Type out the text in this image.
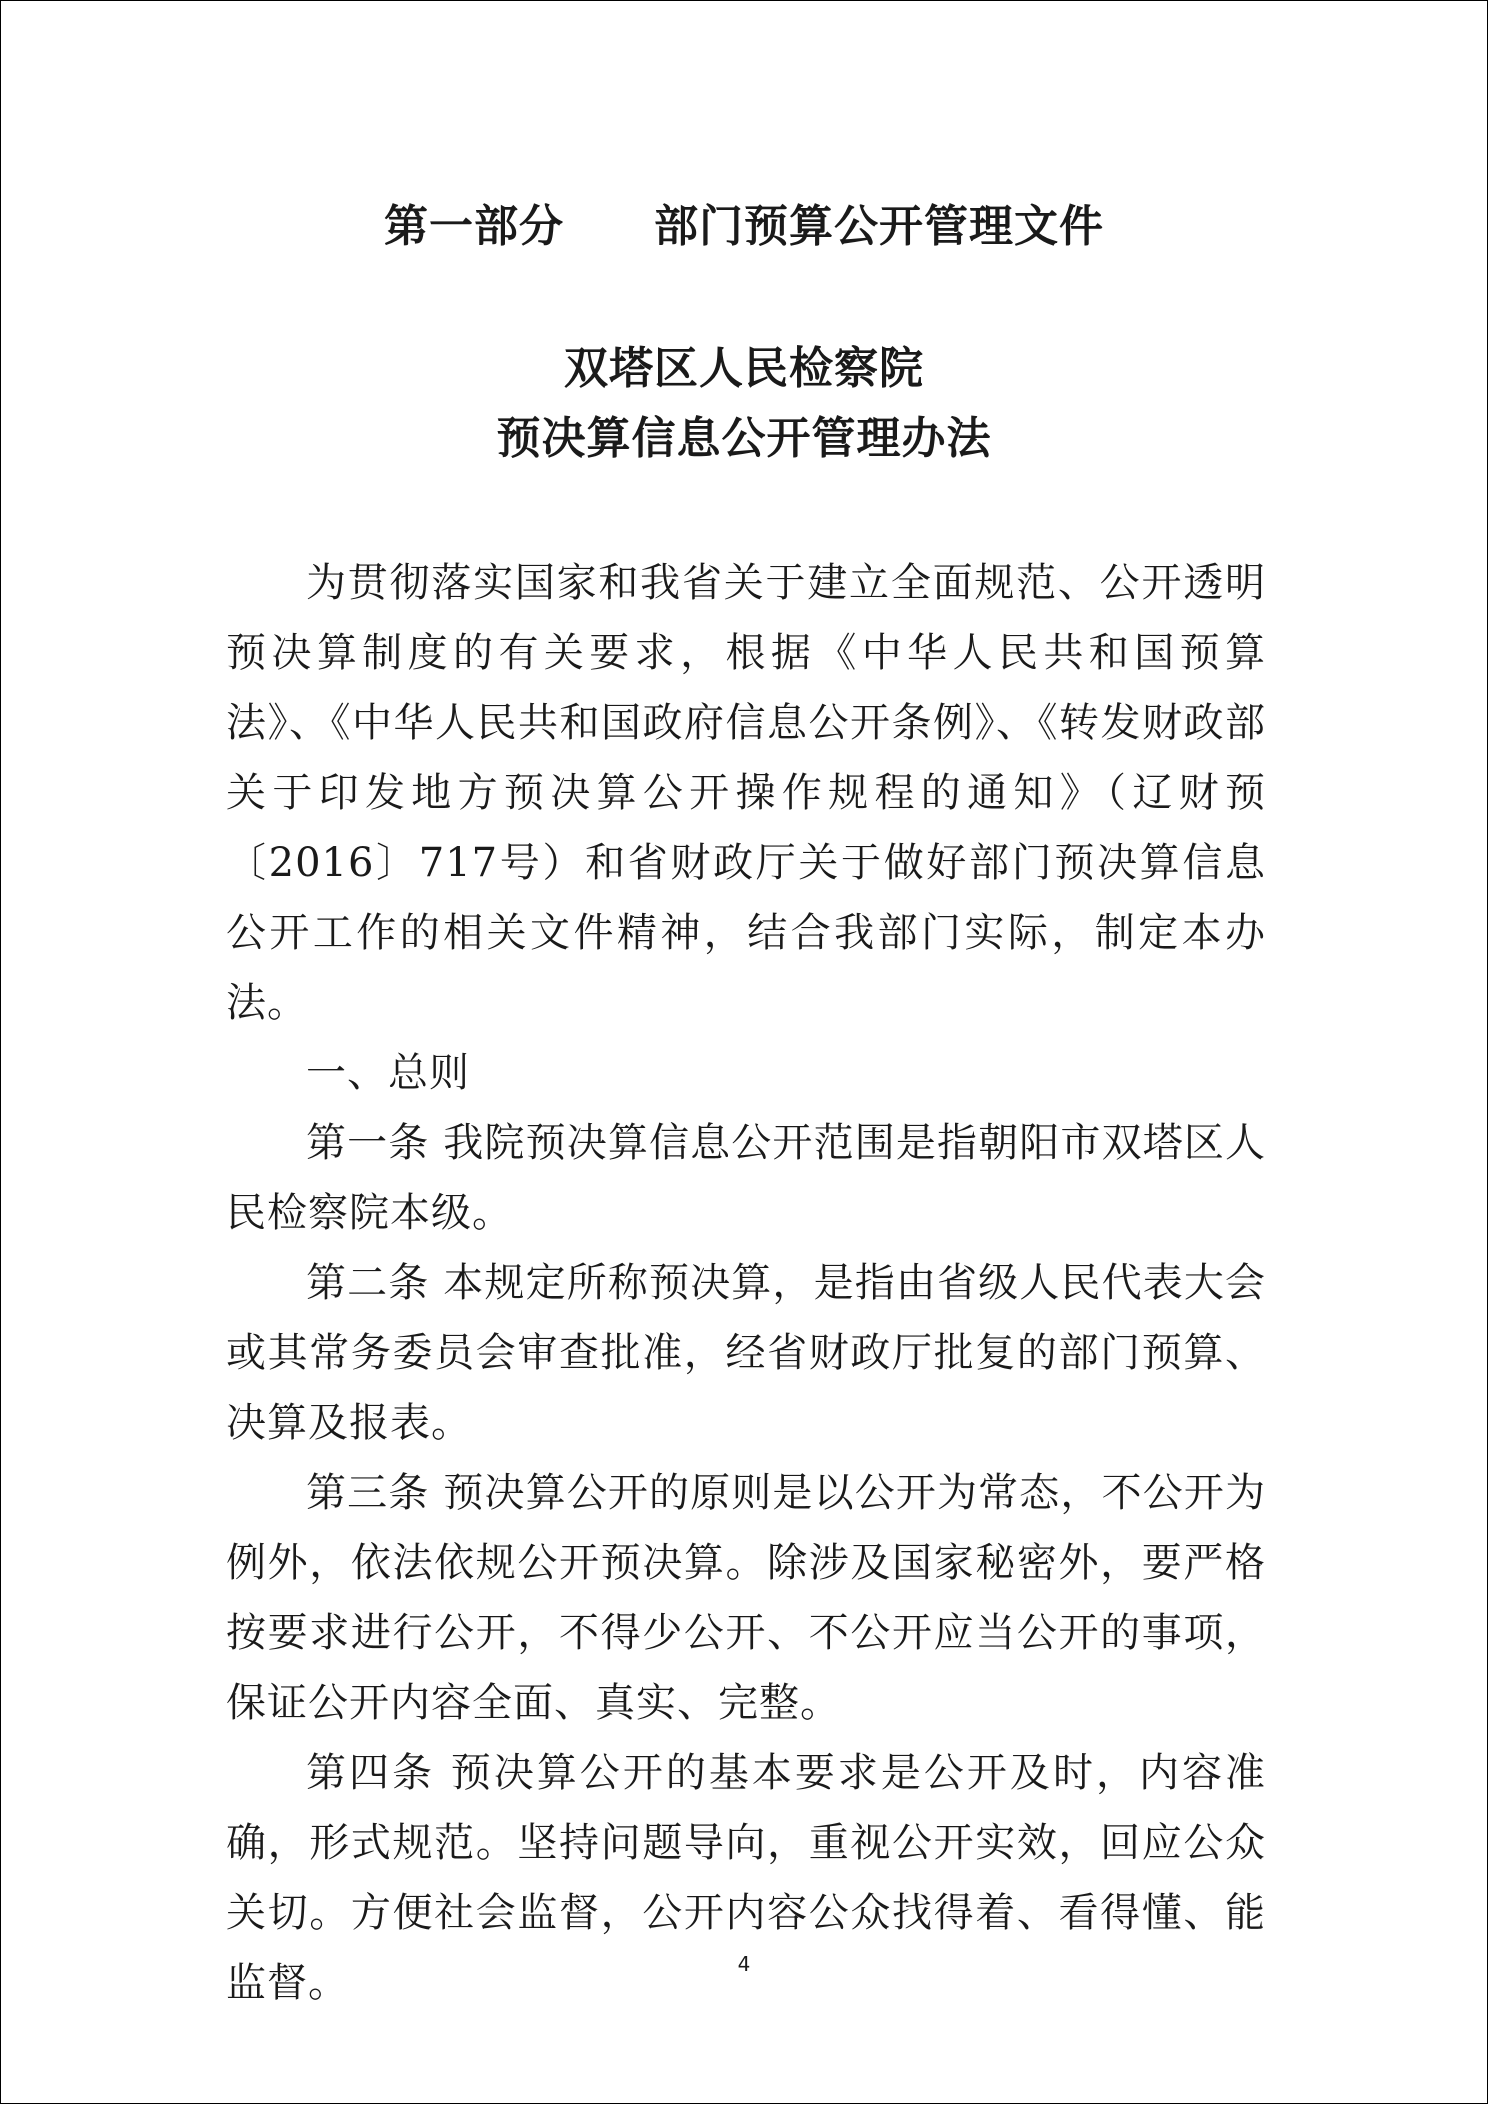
第一部分　　部门预算公开管理文件
双塔区人民检察院
预决算信息公开管理办法

为贯彻落实国家和我省关于建立全面规范、公开透明预决算制度的有关要求，根据《中华人民共和国预算法》、《中华人民共和国政府信息公开条例》、《转发财政部关于印发地方预决算公开操作规程的通知》（辽财预〔2016〕717号）和省财政厅关于做好部门预决算信息公开工作的相关文件精神，结合我部门实际，制定本办法。

一、总则

第一条 我院预决算信息公开范围是指朝阳市双塔区人民检察院本级。

第二条 本规定所称预决算，是指由省级人民代表大会或其常务委员会审查批准，经省财政厅批复的部门预算、决算及报表。

第三条 预决算公开的原则是以公开为常态，不公开为例外，依法依规公开预决算。除涉及国家秘密外，要严格按要求进行公开，不得少公开、不公开应当公开的事项，保证公开内容全面、真实、完整。

第四条 预决算公开的基本要求是公开及时，内容准确，形式规范。坚持问题导向，重视公开实效，回应公众关切。方便社会监督，公开内容公众找得着、看得懂、能监督。	4
